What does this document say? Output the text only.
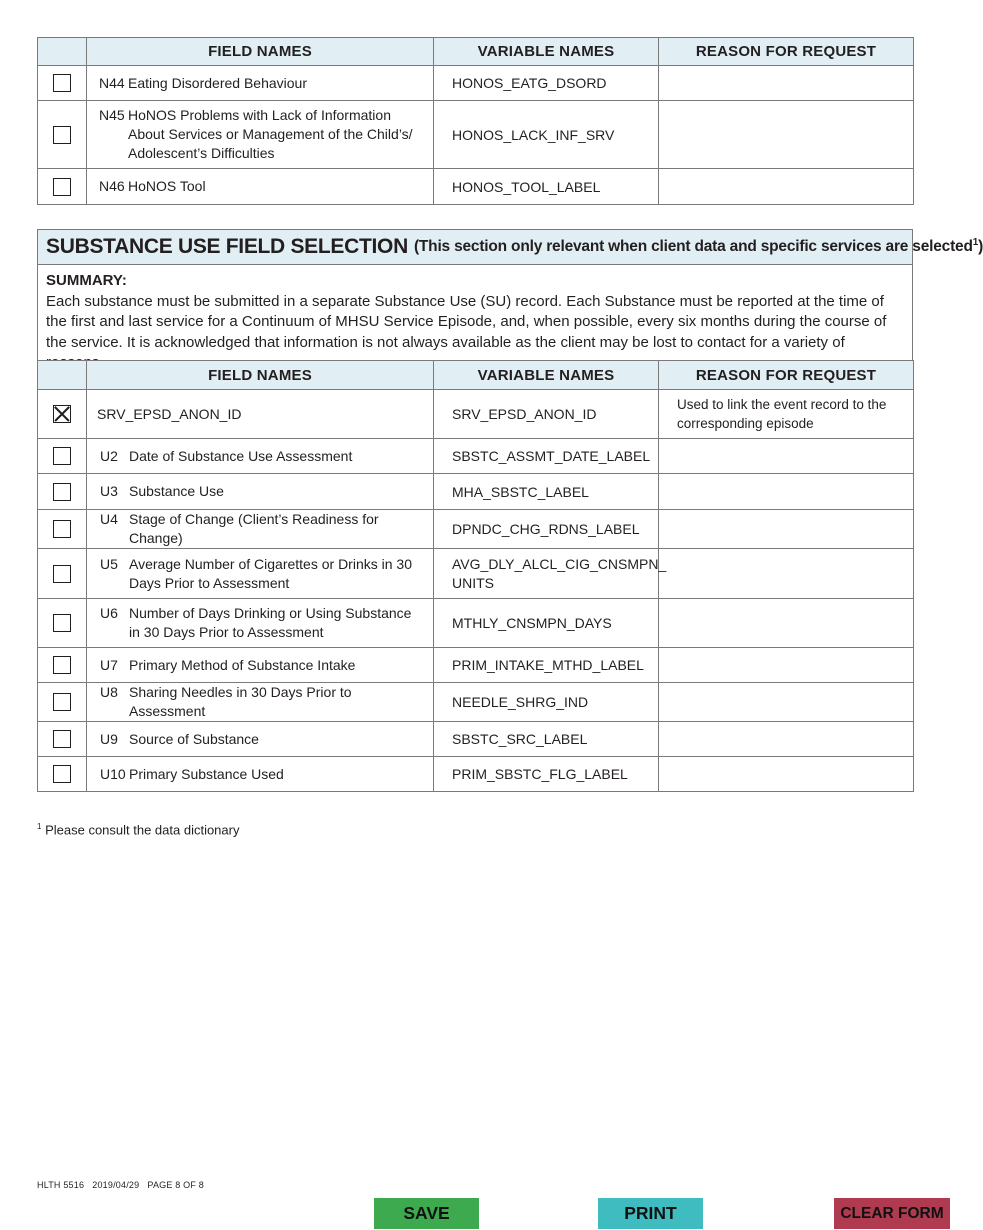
	FIELD NAMES	VARIABLE NAMES	REASON FOR REQUEST

	N44 Eating Disordered Behaviour	HONOS_EATG_DSORD	

	N45 HoNOS Problems with Lack of Information About Services or Management of the Child’s/ Adolescent’s Difficulties	HONOS_LACK_INF_SRV	

	N46 HoNOS Tool	HONOS_TOOL_LABEL	
SUBSTANCE USE FIELD SELECTION (This section only relevant when client data and specific services are selected$^1$)
SUMMARY:
Each substance must be submitted in a separate Substance Use (SU) record. Each Substance must be reported at the time of the first and last service for a Continuum of MHSU Service Episode, and, when possible, every six months during the course of the service. It is acknowledged that information is not always available as the client may be lost to contact for a variety of
	FIELD NAMES	VARIABLE NAMES	REASON FOR REQUEST

	SRV_EPSD_ANON_ID	SRV_EPSD_ANON_ID	Used to link the event record to the corresponding episode

	U2 Date of Substance Use Assessment	SBSTC_ASSMT_DATE_LABEL	

	U3 Substance Use	MHA_SBSTC_LABEL	

	U4 Stage of Change (Client’s Readiness for Change)	DPNDC_CHG_RDNS_LABEL	

	U5 Average Number of Cigarettes or Drinks in 30 Days Prior to Assessment	AVG_DLY_ALCL_CIG_CNSMPN_ UNITS	

	U6 Number of Days Drinking or Using Substance in 30 Days Prior to Assessment	MTHLY_CNSMPN_DAYS	

	U7 Primary Method of Substance Intake	PRIM_INTAKE_MTHD_LABEL	

	U8 Sharing Needles in 30 Days Prior to Assessment	NEEDLE_SHRG_IND	

	U9 Source of Substance	SBSTC_SRC_LABEL	

	U10 Primary Substance Used	PRIM_SBSTC_FLG_LABEL	
$^1$ Please consult the data dictionary
HLTH 5516   2019/04/29   PAGE 8 OF 8
SAVE	PRINT	CLEAR FORM
